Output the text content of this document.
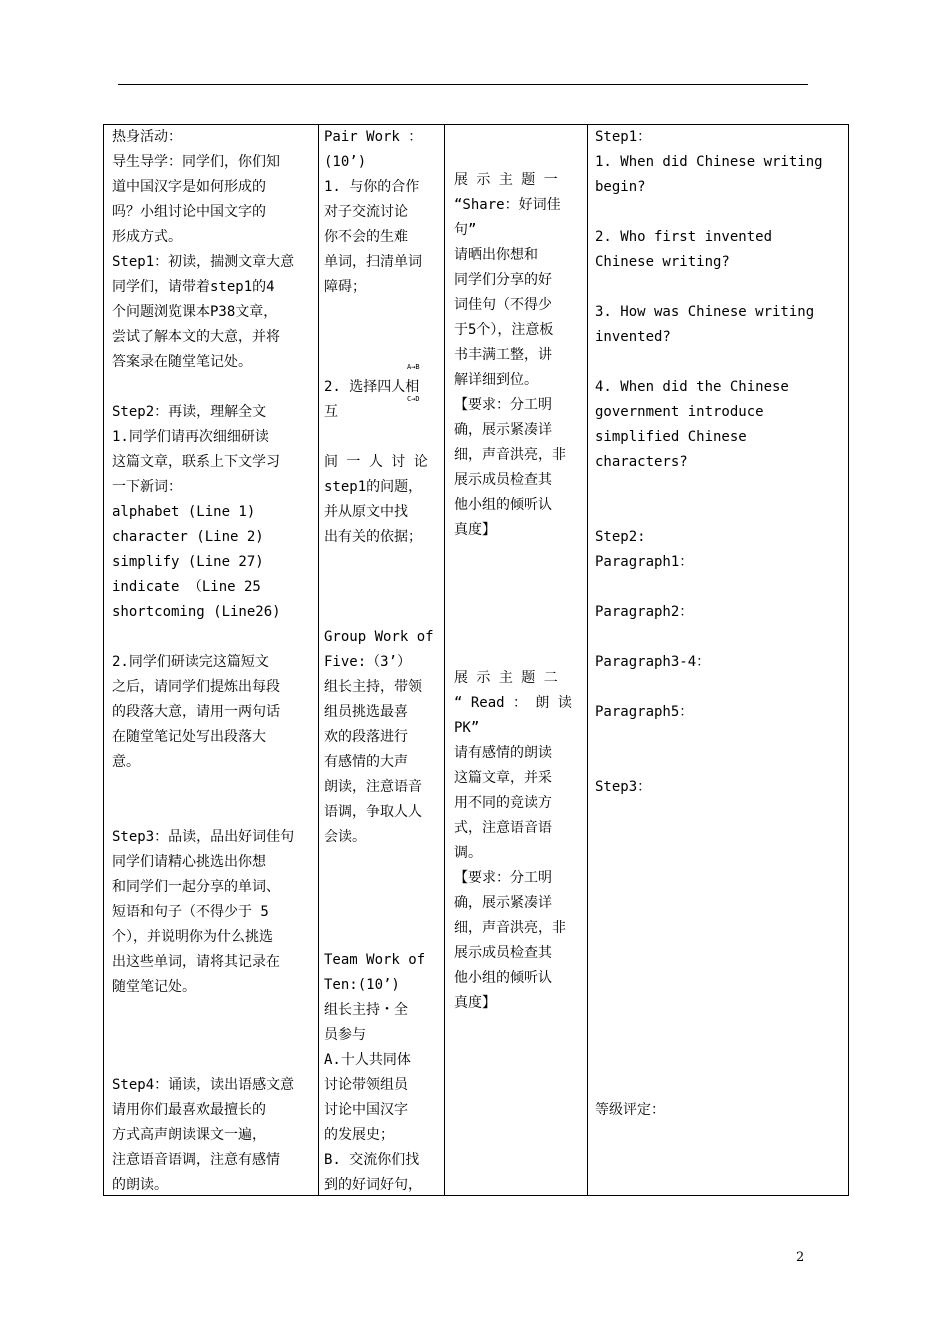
热身活动：
导生导学：同学们，你们知
道中国汉字是如何形成的
吗？小组讨论中国文字的
形成方式。
Step1：初读，揣测文章大意
同学们，请带着step1的4
个问题浏览课本P38文章，
尝试了解本文的大意，并将
答案录在随堂笔记处。
Step2：再读，理解全文
1.同学们请再次细细研读
这篇文章，联系上下文学习
一下新词：
alphabet (Line 1)
character (Line 2)
simplify (Line 27)
indicate （Line 25
shortcoming (Line26)
2.同学们研读完这篇短文
之后，请同学们提炼出每段
的段落大意，请用一两句话
在随堂笔记处写出段落大
意。
Step3：品读，品出好词佳句
同学们请精心挑选出你想
和同学们一起分享的单词、
短语和句子（不得少于 5
个），并说明你为什么挑选
出这些单词，请将其记录在
随堂笔记处。
Step4：诵读，读出语感文意
请用你们最喜欢最擅长的
方式高声朗读课文一遍，
注意语音语调，注意有感情
的朗读。

Pair Work ：
(10’)
1. 与你的合作
对子交流讨论
你不会的生难
单词，扫清单词
障碍；
A→B
C→D
2. 选择四人相
互
间 一 人 讨 论
step1的问题，
并从原文中找
出有关的依据；
Group Work of
Five:（3’）
组长主持，带领
组员挑选最喜
欢的段落进行
有感情的大声
朗读，注意语音
语调，争取人人
会读。
Team Work of
Ten:(10’)
组长主持・全
员参与
A.十人共同体
讨论带领组员
讨论中国汉字
的发展史；
B. 交流你们找
到的好词好句，

展 示 主 题 一
“Share：好词佳
句”
请晒出你想和
同学们分享的好
词佳句（不得少
于5个），注意板
书丰满工整，讲
解详细到位。
【要求：分工明
确，展示紧凑详
细，声音洪亮，非
展示成员检查其
他小组的倾听认
真度】
展 示 主 题 二
“ Read ： 朗 读
PK”
请有感情的朗读
这篇文章，并采
用不同的竞读方
式，注意语音语
调。
【要求：分工明
确，展示紧凑详
细，声音洪亮，非
展示成员检查其
他小组的倾听认
真度】

Step1：
1. When did Chinese writing
begin?
2. Who first invented
Chinese writing?
3. How was Chinese writing
invented?
4. When did the Chinese
government introduce
simplified Chinese
characters?
Step2:
Paragraph1：
Paragraph2：
Paragraph3-4：
Paragraph5：
Step3：
等级评定：
2
